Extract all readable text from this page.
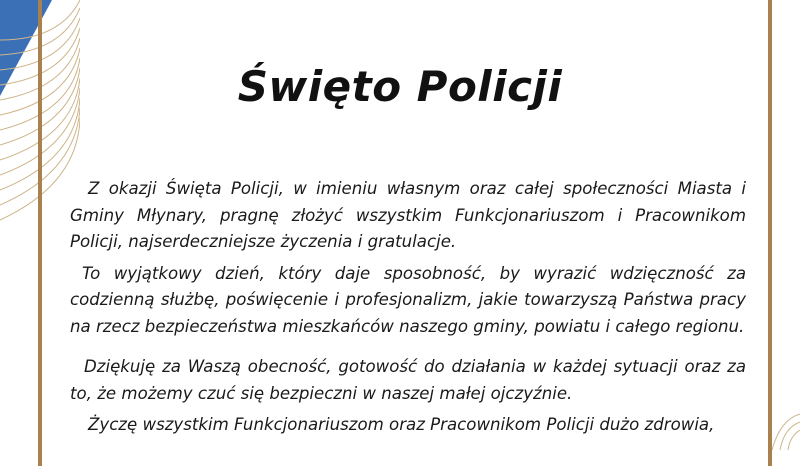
Święto Policji

Z okazji Święta Policji, w imieniu własnym oraz całej społeczności Miasta i Gminy Młynary, pragnę złożyć wszystkim Funkcjonariuszom i Pracownikom Policji, najserdeczniejsze życzenia i gratulacje.

To wyjątkowy dzień, który daje sposobność, by wyrazić wdzięczność za codzienną służbę, poświęcenie i profesjonalizm, jakie towarzyszą Państwa pracy na rzecz bezpieczeństwa mieszkańców naszego gminy, powiatu i całego regionu.

Dziękuję za Waszą obecność, gotowość do działania w każdej sytuacji oraz za to, że możemy czuć się bezpieczni w naszej małej ojczyźnie.

Życzę wszystkim Funkcjonariuszom oraz Pracownikom Policji dużo zdrowia,
